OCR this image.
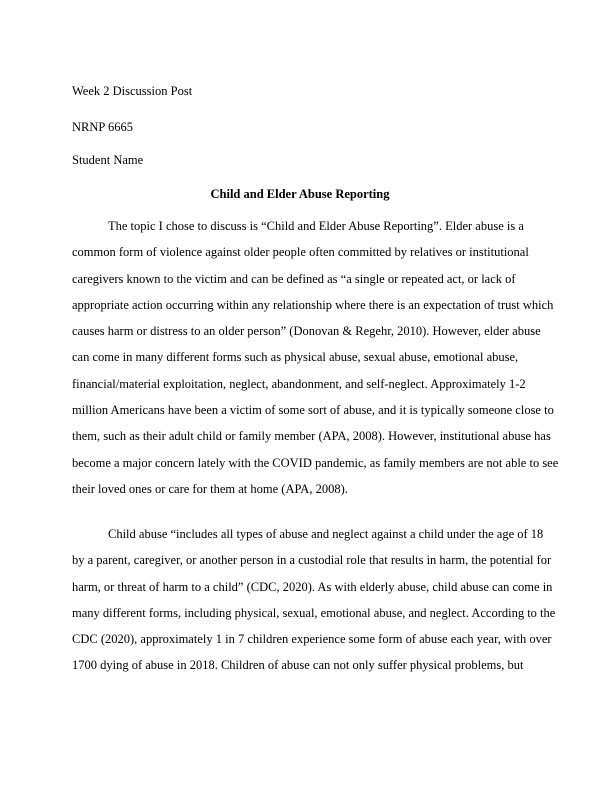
Week 2 Discussion Post
NRNP 6665
Student Name
Child and Elder Abuse Reporting
The topic I chose to discuss is “Child and Elder Abuse Reporting”. Elder abuse is a
common form of violence against older people often committed by relatives or institutional
caregivers known to the victim and can be defined as “a single or repeated act, or lack of
appropriate action occurring within any relationship where there is an expectation of trust which
causes harm or distress to an older person” (Donovan & Regehr, 2010). However, elder abuse
can come in many different forms such as physical abuse, sexual abuse, emotional abuse,
financial/material exploitation, neglect, abandonment, and self-neglect. Approximately 1-2
million Americans have been a victim of some sort of abuse, and it is typically someone close to
them, such as their adult child or family member (APA, 2008). However, institutional abuse has
become a major concern lately with the COVID pandemic, as family members are not able to see
their loved ones or care for them at home (APA, 2008).
Child abuse “includes all types of abuse and neglect against a child under the age of 18
by a parent, caregiver, or another person in a custodial role that results in harm, the potential for
harm, or threat of harm to a child” (CDC, 2020). As with elderly abuse, child abuse can come in
many different forms, including physical, sexual, emotional abuse, and neglect. According to the
CDC (2020), approximately 1 in 7 children experience some form of abuse each year, with over
1700 dying of abuse in 2018. Children of abuse can not only suffer physical problems, but
